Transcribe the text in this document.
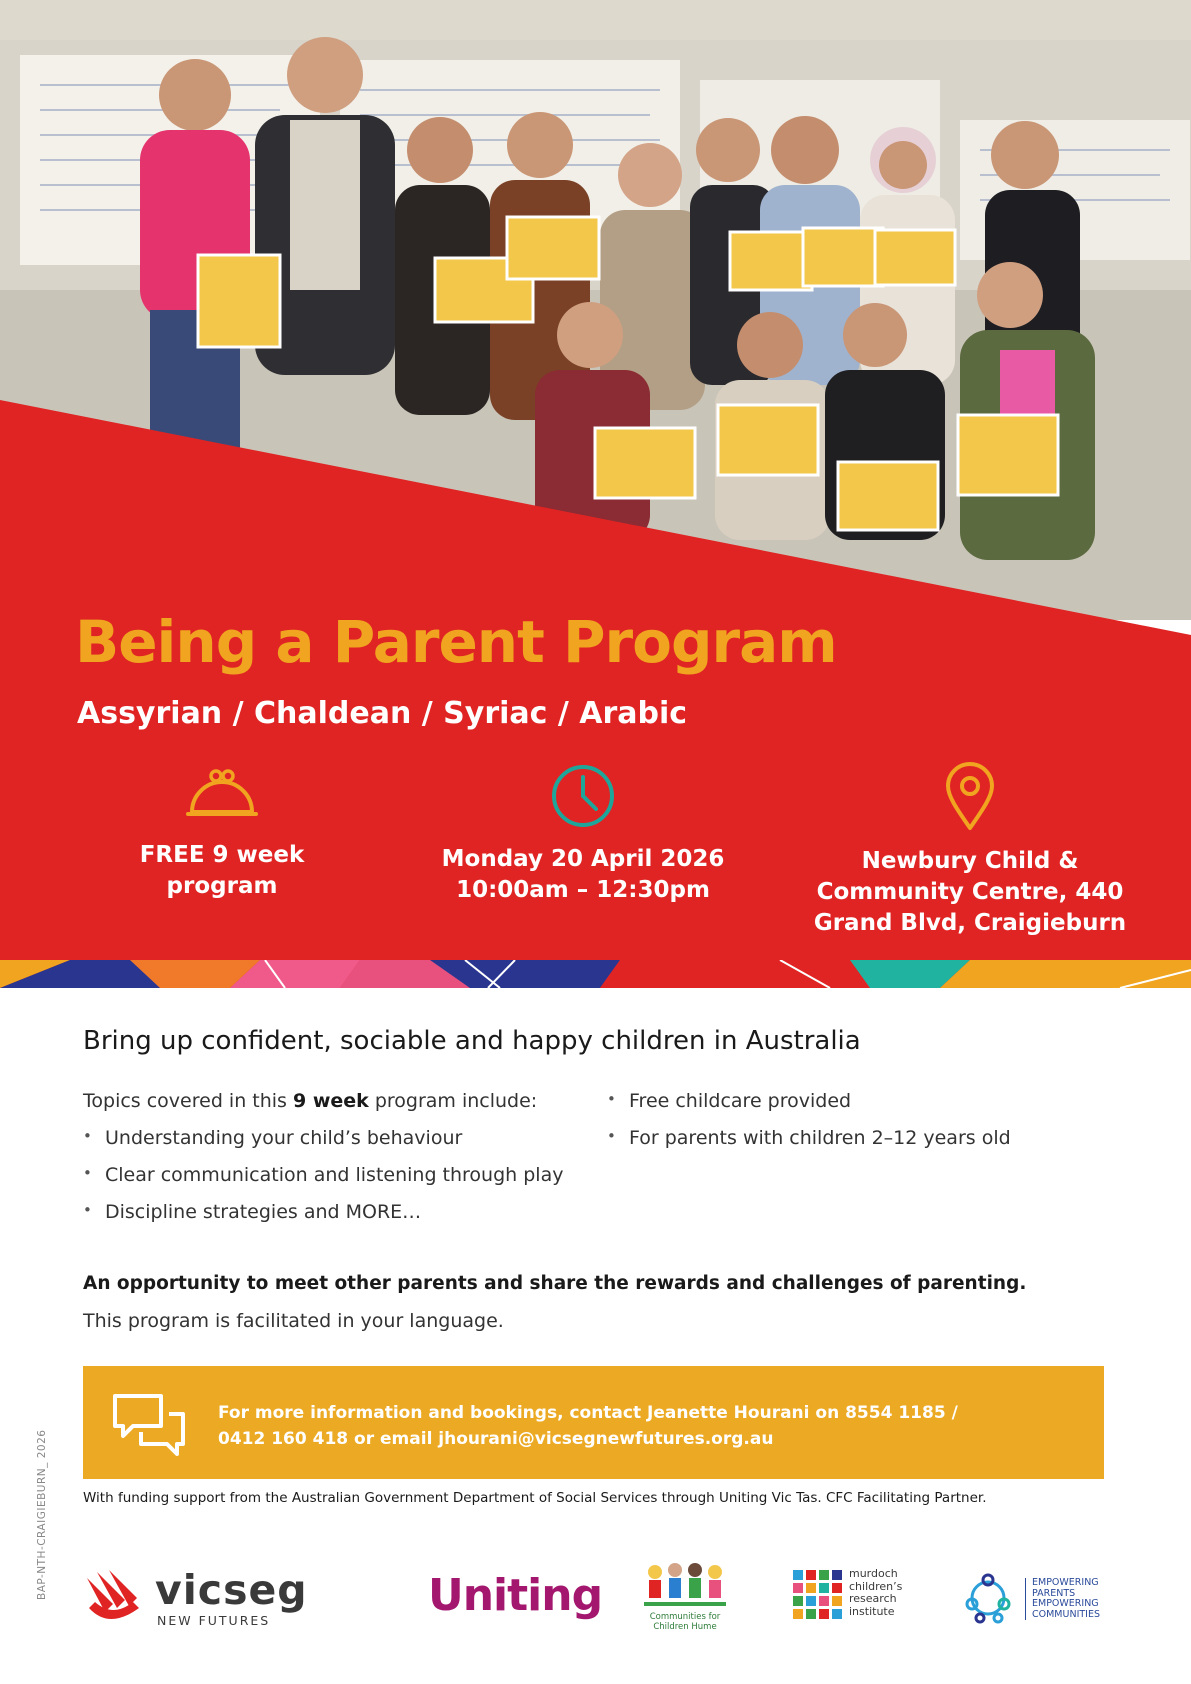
Being a Parent Program
Assyrian / Chaldean / Syriac / Arabic
FREE 9 week
program
Monday 20 April 2026
10:00am – 12:30pm
Newbury Child &
Community Centre, 440
Grand Blvd, Craigieburn
Bring up confident, sociable and happy children in Australia
Topics covered in this 9 week program include:
• Understanding your child’s behaviour
• Clear communication and listening through play
• Discipline strategies and MORE…
• Free childcare provided
• For parents with children 2–12 years old
An opportunity to meet other parents and share the rewards and challenges of parenting.
This program is facilitated in your language.
For more information and bookings, contact Jeanette Hourani on 8554 1185 /
0412 160 418 or email jhourani@vicsegnewfutures.org.au
With funding support from the Australian Government Department of Social Services through Uniting Vic Tas. CFC Facilitating Partner.
BAP-NTH-CRAIGIEBURN_ 2026	vicseg
NEW FUTURES	Uniting	Communities for
Children Hume
murdoch
children’s
research
institute
EMPOWERING
PARENTS
EMPOWERING
COMMUNITIES
